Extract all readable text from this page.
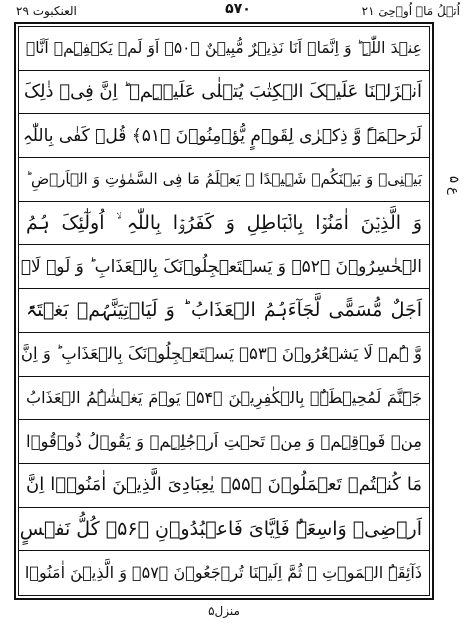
العنکبوت ۲۹	۵۷۰	اُتۡلُ مَاۤ اُوۡحِیَ ۲۱
عِنۡدَ اللّٰہِ ؕ وَ اِنَّمَاۤ اَنَا نَذِیۡرٌ مُّبِیۡنٌ ﴿۵۰﴾ اَوَ لَمۡ یَکۡفِہِمۡ اَنَّاۤ
اَنۡزَلۡنَا عَلَیۡکَ الۡکِتٰبَ یُتۡلٰی عَلَیۡہِمۡ ؕ اِنَّ فِیۡ ذٰلِکَ
لَرَحۡمَۃً وَّ ذِکۡرٰی لِقَوۡمٍ یُّؤۡمِنُوۡنَ ﴿۵۱﴾ قُلۡ کَفٰی بِاللّٰہِ
بَیۡنِیۡ وَ بَیۡنَکُمۡ شَہِیۡدًا ۚ یَعۡلَمُ مَا فِی السَّمٰوٰتِ وَ الۡاَرۡضِ ؕ
وَ الَّذِیۡنَ اٰمَنُوۡا بِالۡبَاطِلِ وَ کَفَرُوۡا بِاللّٰہِ ۙ اُولٰٓئِکَ ہُمُ
الۡخٰسِرُوۡنَ ﴿۵۲﴾ وَ یَسۡتَعۡجِلُوۡنَکَ بِالۡعَذَابِ ؕ وَ لَوۡ لَاۤ
اَجَلٌ مُّسَمًّی لَّجَآءَہُمُ الۡعَذَابُ ؕ وَ لَیَاۡتِیَنَّہُمۡ بَغۡتَۃً
وَّ ہُمۡ لَا یَشۡعُرُوۡنَ ﴿۵۳﴾ یَسۡتَعۡجِلُوۡنَکَ بِالۡعَذَابِ ؕ وَ اِنَّ
جَہَنَّمَ لَمُحِیۡطَۃٌۢ بِالۡکٰفِرِیۡنَ ﴿۵۴﴾ یَوۡمَ یَغۡشٰہُمُ الۡعَذَابُ
مِنۡ فَوۡقِہِمۡ وَ مِنۡ تَحۡتِ اَرۡجُلِہِمۡ وَ یَقُوۡلُ ذُوۡقُوۡا
مَا کُنۡتُمۡ تَعۡمَلُوۡنَ ﴿۵۵﴾ یٰعِبَادِیَ الَّذِیۡنَ اٰمَنُوۡۤا اِنَّ
اَرۡضِیۡ وَاسِعَۃٌ فَاِیَّایَ فَاعۡبُدُوۡنِ ﴿۵۶﴾ کُلُّ نَفۡسٍ
ذَآئِقَۃُ الۡمَوۡتِ ۟ ثُمَّ اِلَیۡنَا تُرۡجَعُوۡنَ ﴿۵۷﴾ وَ الَّذِیۡنَ اٰمَنُوۡا
ع ۵
منزل۵
